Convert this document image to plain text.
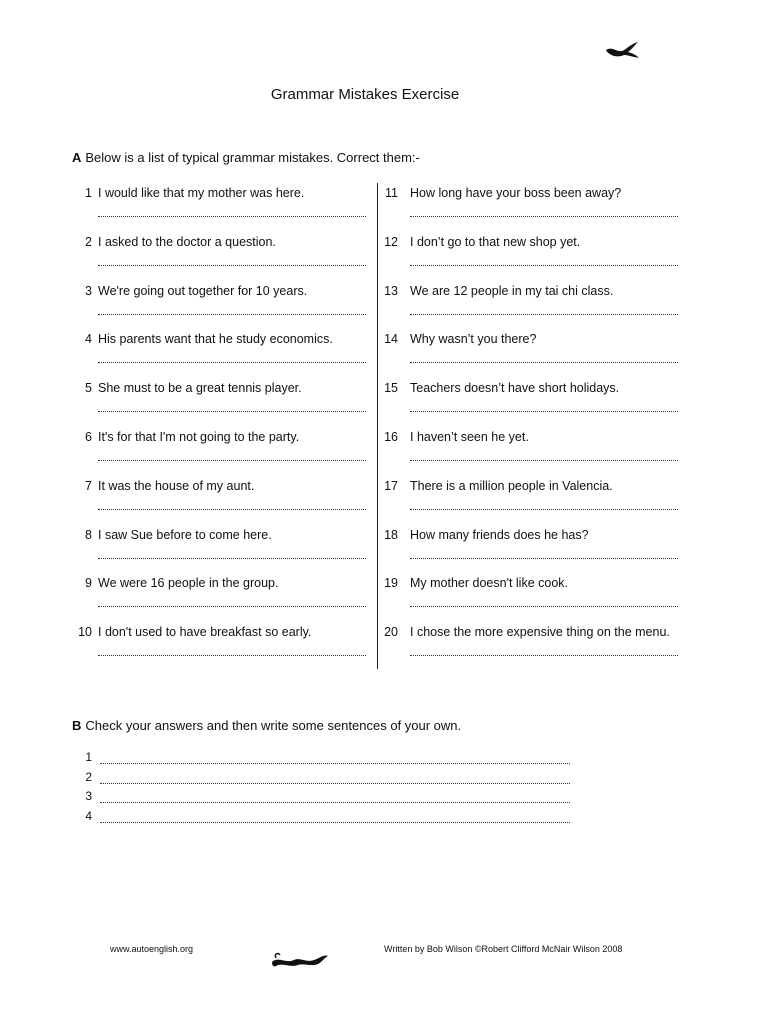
Grammar Mistakes Exercise
A Below is a list of typical grammar mistakes. Correct them:-
1 I would like that my mother was here.
2 I asked to the doctor a question.
3 We're going out together for 10 years.
4 His parents want that he study economics.
5 She must to be a great tennis player.
6 It's for that I'm not going to the party.
7 It was the house of my aunt.
8 I saw Sue before to come here.
9 We were 16 people in the group.
10 I don't used to have breakfast so early.
11 How long have your boss been away?
12 I don’t go to that new shop yet.
13 We are 12 people in my tai chi class.
14 Why wasn’t you there?
15 Teachers doesn’t have short holidays.
16 I haven’t seen he yet.
17 There is a million people in Valencia.
18 How many friends does he has?
19 My mother doesn't like cook.
20 I chose the more expensive thing on the menu.
B Check your answers and then write some sentences of your own.
1
2
3
4
www.autoenglish.org	Written by Bob Wilson ©Robert Clifford McNair Wilson 2008
